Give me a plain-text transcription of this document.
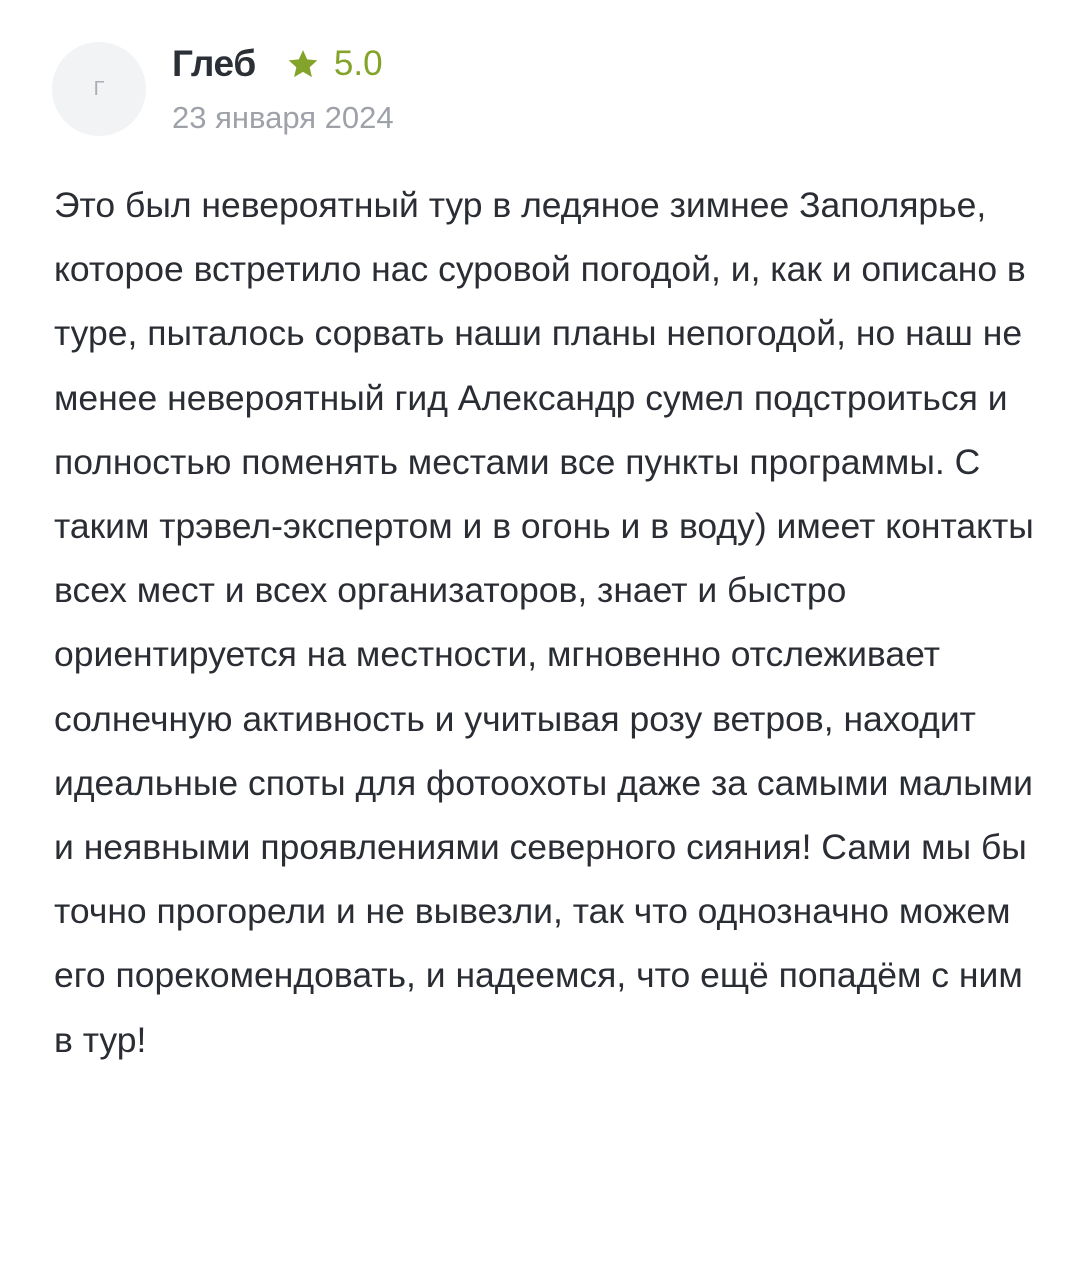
Г
Глеб 5.0
23 января 2024

Это был невероятный тур в ледяное зимнее Заполярье, которое встретило нас суровой погодой, и, как и описано в туре, пыталось сорвать наши планы непогодой, но наш не менее невероятный гид Александр сумел подстроиться и полностью поменять местами все пункты программы. С таким трэвел-экспертом и в огонь и в воду) имеет контакты всех мест и всех организаторов, знает и быстро ориентируется на местности, мгновенно отслеживает солнечную активность и учитывая розу ветров, находит идеальные споты для фотоохоты даже за самыми малыми и неявными проявлениями северного сияния! Сами мы бы точно прогорели и не вывезли, так что однозначно можем его порекомендовать, и надеемся, что ещё попадём с ним в тур!
